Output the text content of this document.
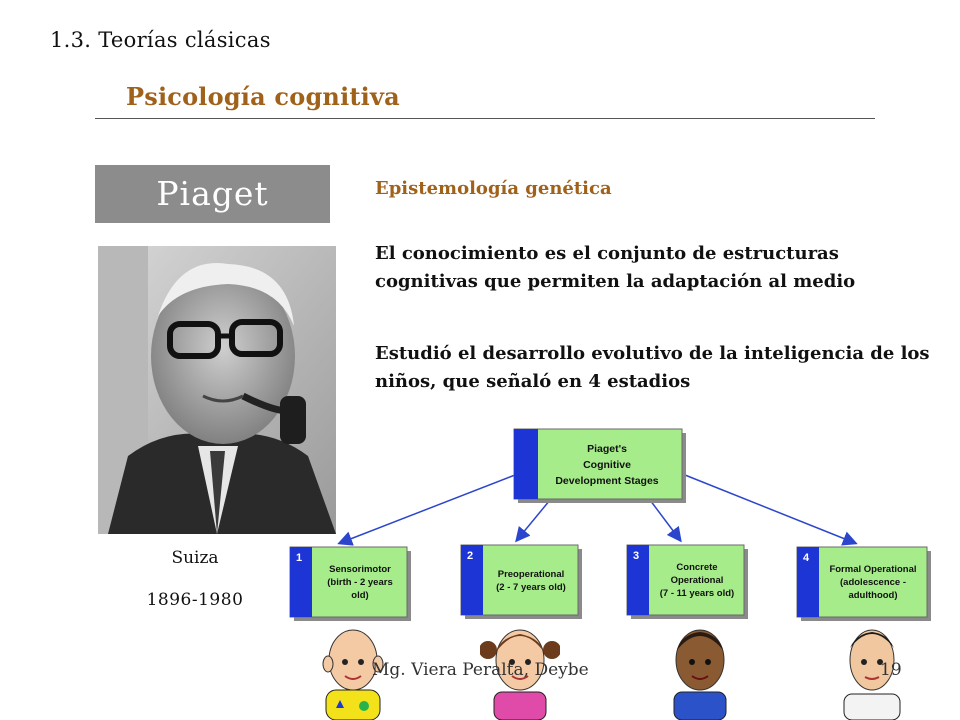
1.3. Teorías clásicas
Psicología cognitiva
Piaget
Suiza
1896-1980
Epistemología genética
El conocimiento es el conjunto de estructuras cognitivas que permiten la adaptación al medio
Estudió el desarrollo evolutivo de la inteligencia de los niños, que señaló en 4 estadios
Piaget's
Cognitive
Development Stages
1
Sensorimotor
(birth - 2 years
old)
2
Preoperational
(2 - 7 years old)
3
Concrete
Operational
(7 - 11 years old)
4
Formal Operational
(adolescence -
adulthood)
Mg. Viera Peralta, Deybe	19
